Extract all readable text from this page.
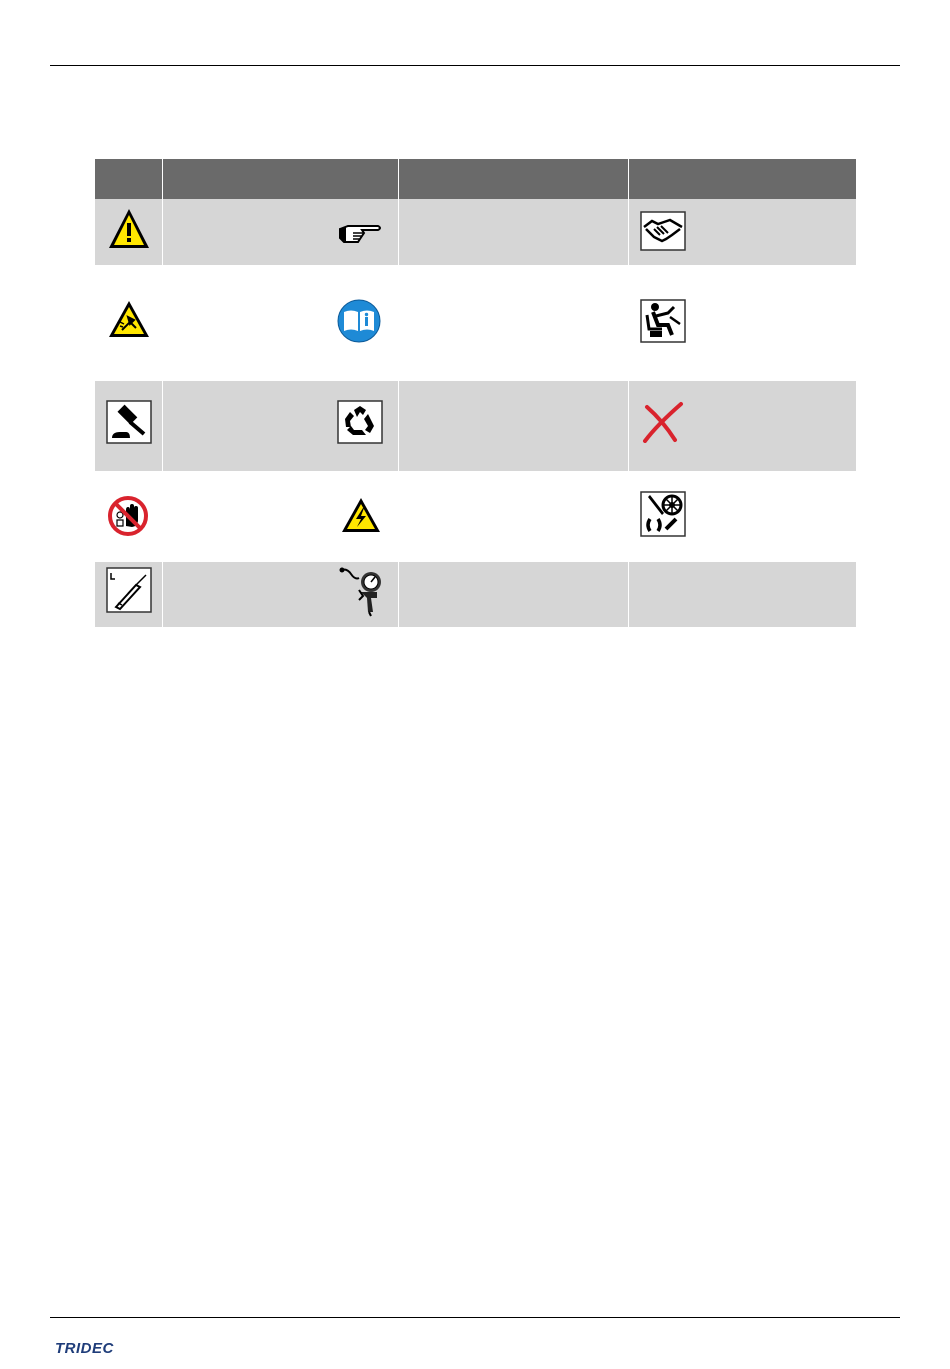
TRIDEC
